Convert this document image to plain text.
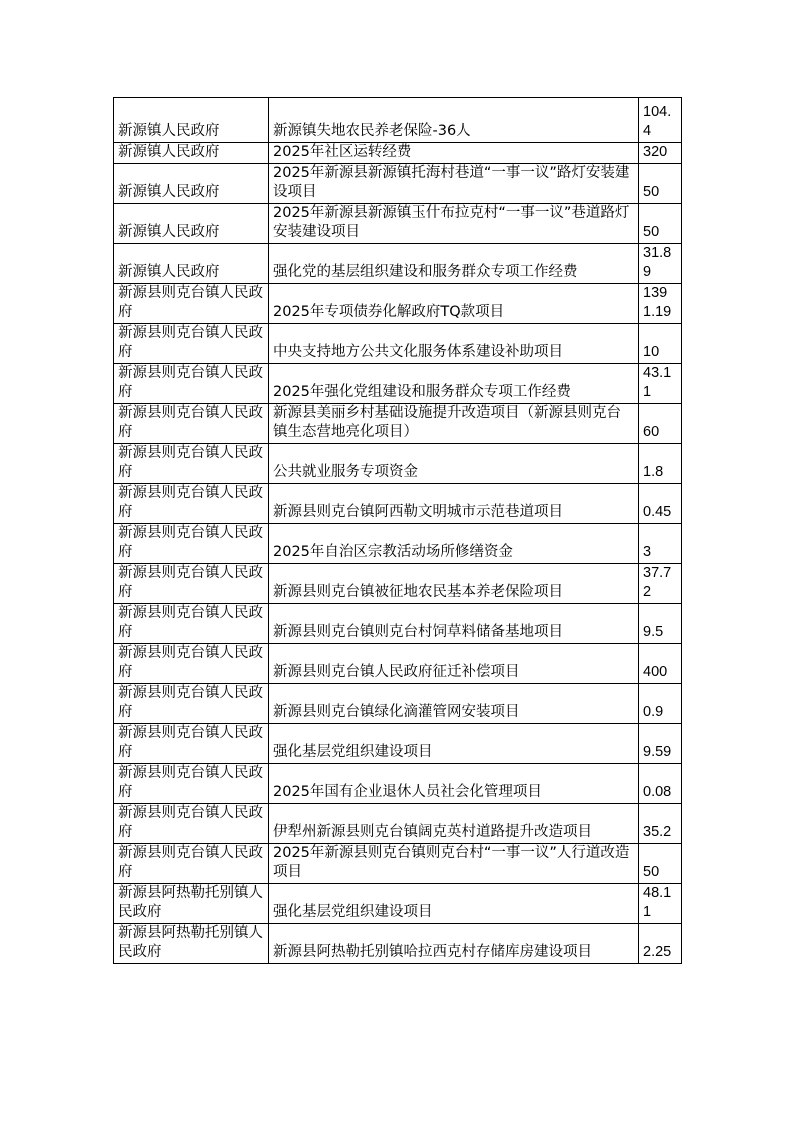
新源镇人民政府	新源镇失地农民养老保险-36人	104.4
新源镇人民政府	2025年社区运转经费	320
新源镇人民政府	2025年新源县新源镇托海村巷道“一事一议”路灯安装建设项目	50
新源镇人民政府	2025年新源县新源镇玉什布拉克村“一事一议”巷道路灯安装建设项目	50
新源镇人民政府	强化党的基层组织建设和服务群众专项工作经费	31.89
新源县则克台镇人民政府	2025年专项债券化解政府TQ款项目	1391.19
新源县则克台镇人民政府	中央支持地方公共文化服务体系建设补助项目	10
新源县则克台镇人民政府	2025年强化党组建设和服务群众专项工作经费	43.11
新源县则克台镇人民政府	新源县美丽乡村基础设施提升改造项目（新源县则克台镇生态营地亮化项目）	60
新源县则克台镇人民政府	公共就业服务专项资金	1.8
新源县则克台镇人民政府	新源县则克台镇阿西勒文明城市示范巷道项目	0.45
新源县则克台镇人民政府	2025年自治区宗教活动场所修缮资金	3
新源县则克台镇人民政府	新源县则克台镇被征地农民基本养老保险项目	37.72
新源县则克台镇人民政府	新源县则克台镇则克台村饲草料储备基地项目	9.5
新源县则克台镇人民政府	新源县则克台镇人民政府征迁补偿项目	400
新源县则克台镇人民政府	新源县则克台镇绿化滴灌管网安装项目	0.9
新源县则克台镇人民政府	强化基层党组织建设项目	9.59
新源县则克台镇人民政府	2025年国有企业退休人员社会化管理项目	0.08
新源县则克台镇人民政府	伊犁州新源县则克台镇阔克英村道路提升改造项目	35.2
新源县则克台镇人民政府	2025年新源县则克台镇则克台村“一事一议”人行道改造项目	50
新源县阿热勒托别镇人民政府	强化基层党组织建设项目	48.11
新源县阿热勒托别镇人民政府	新源县阿热勒托别镇哈拉西克村存储库房建设项目	2.25
